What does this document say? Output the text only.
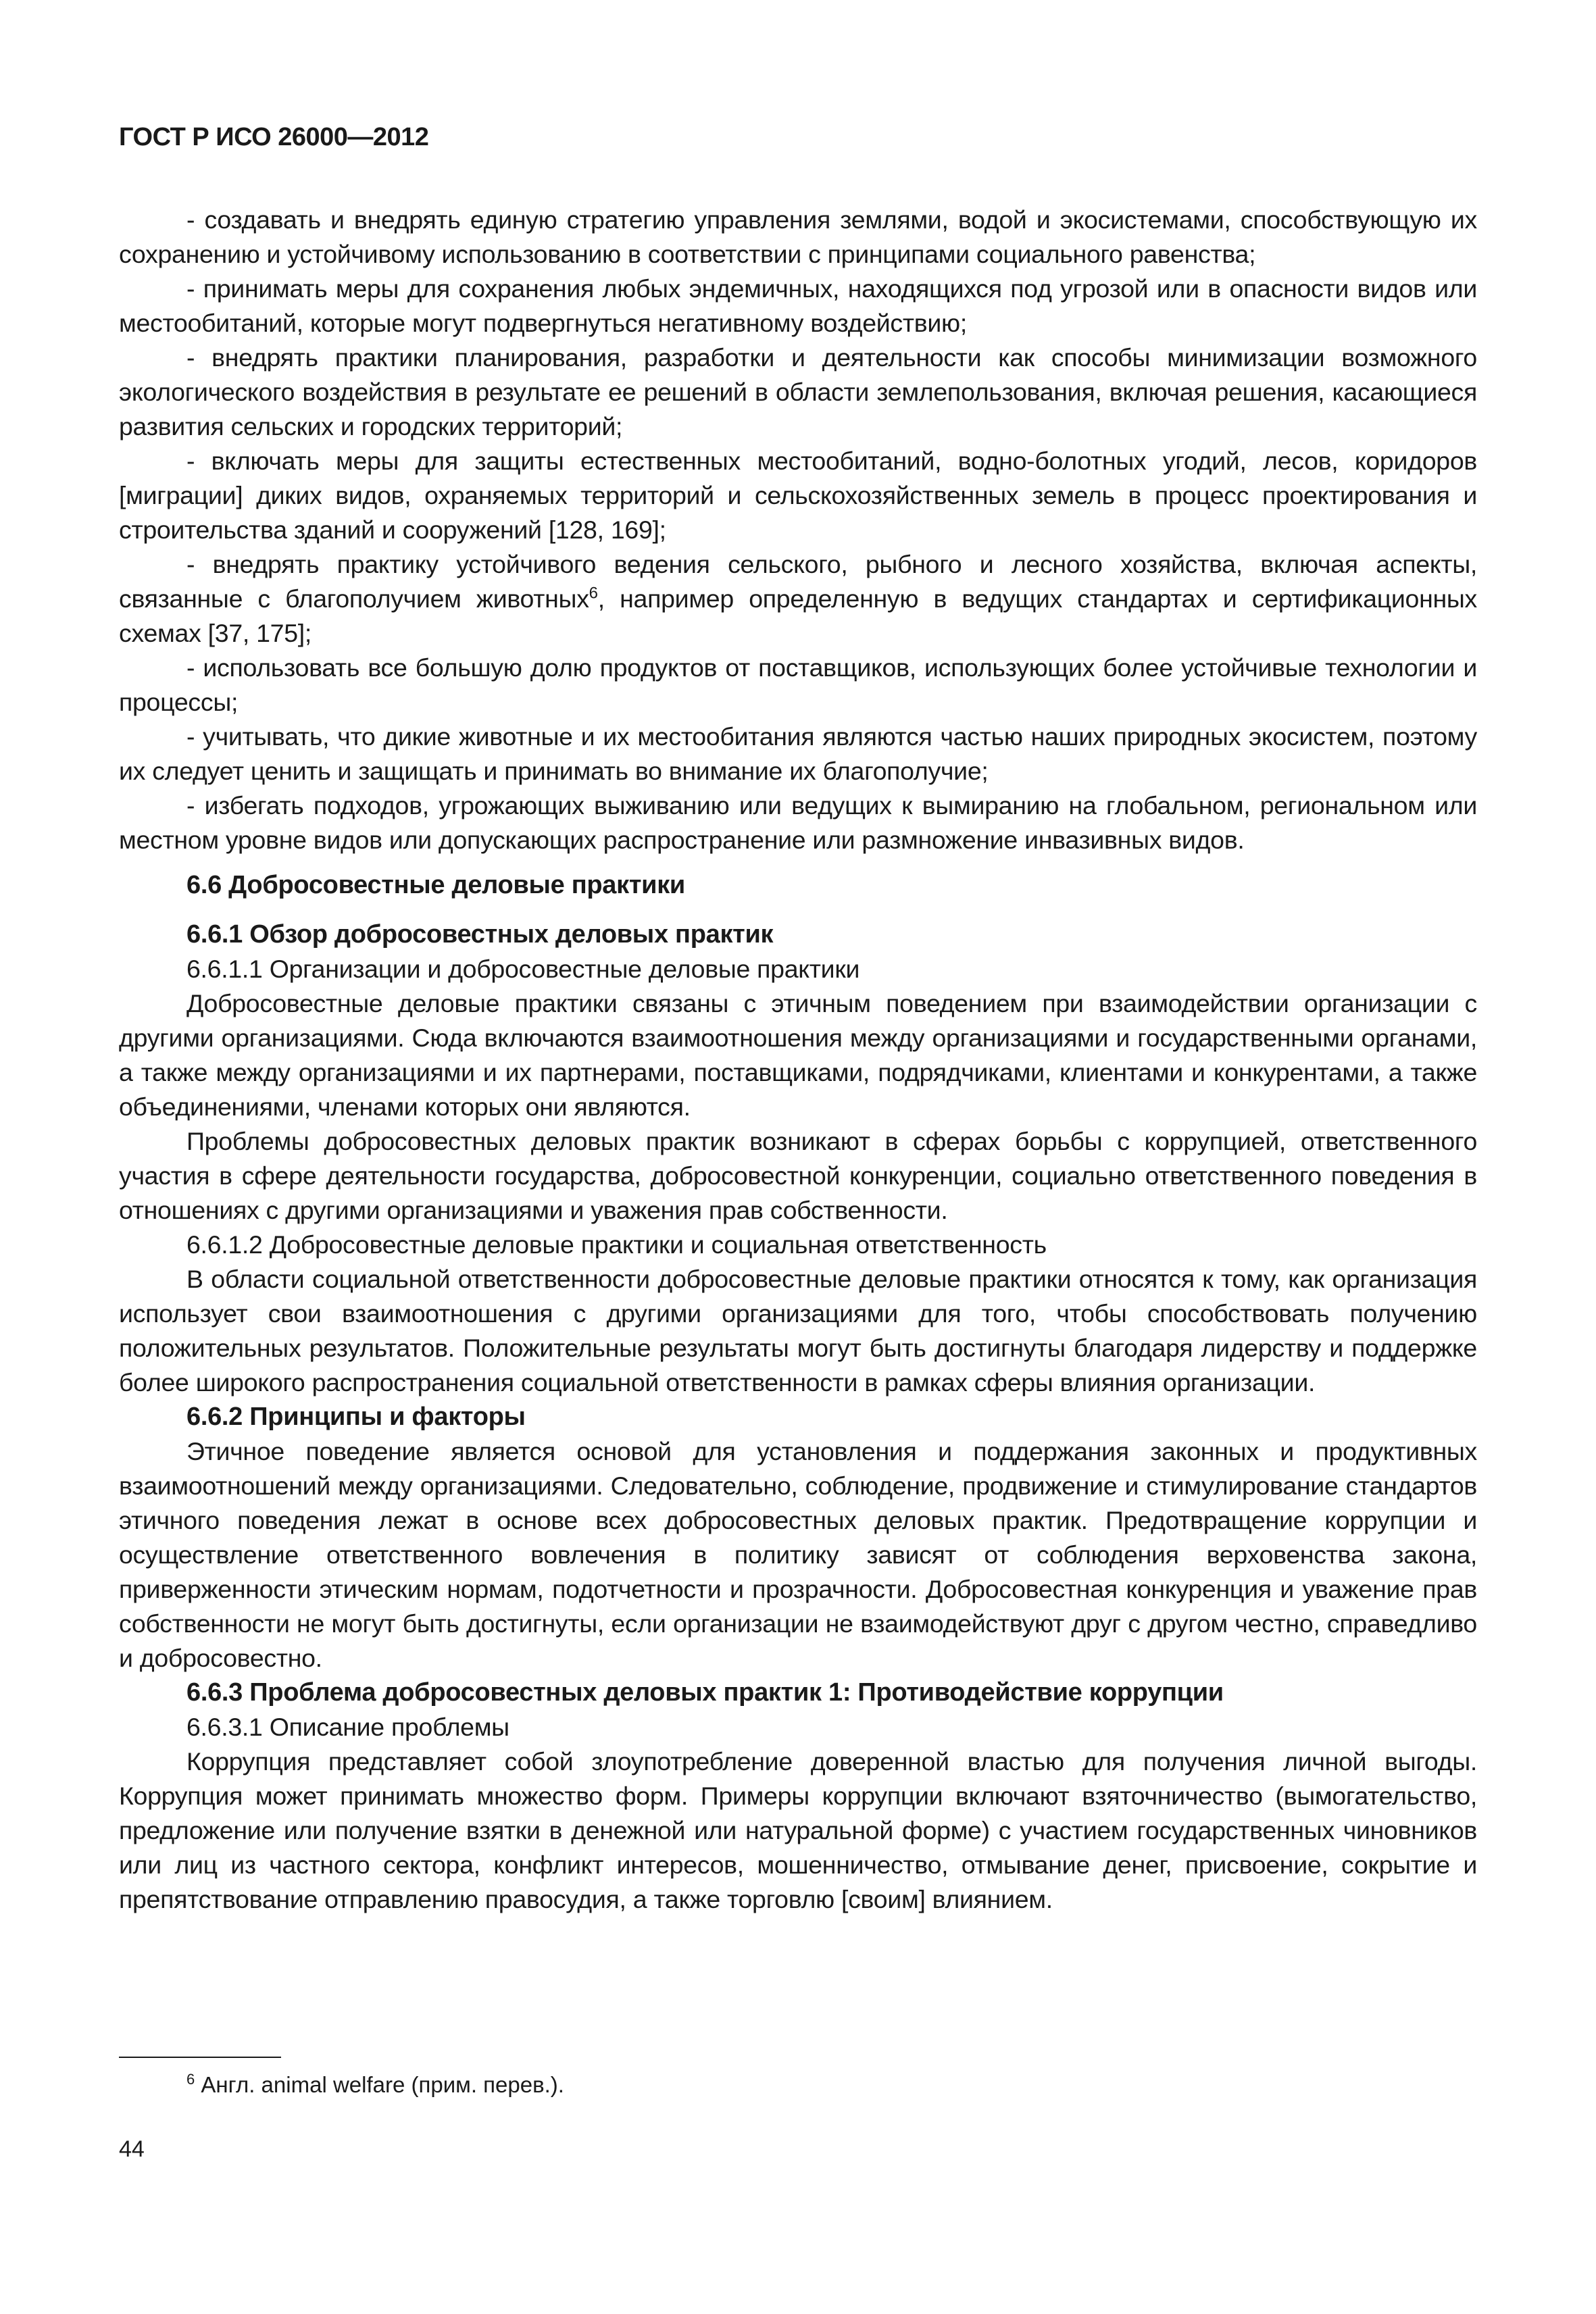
ГОСТ Р ИСО 26000—2012

- создавать и внедрять единую стратегию управления землями, водой и экосистемами, способствующую их сохранению и устойчивому использованию в соответствии с принципами социального равенства;

- принимать меры для сохранения любых эндемичных, находящихся под угрозой или в опасности видов или местообитаний, которые могут подвергнуться негативному воздействию;

- внедрять практики планирования, разработки и деятельности как способы минимизации возможного экологического воздействия в результате ее решений в области землепользования, включая решения, касающиеся развития сельских и городских территорий;

- включать меры для защиты естественных местообитаний, водно-болотных угодий, лесов, коридоров [миграции] диких видов, охраняемых территорий и сельскохозяйственных земель в процесс проектирования и строительства зданий и сооружений [128, 169];

- внедрять практику устойчивого ведения сельского, рыбного и лесного хозяйства, включая аспекты, связанные с благополучием животных$^6$, например определенную в ведущих стандартах и сертификационных схемах [37, 175];

- использовать все большую долю продуктов от поставщиков, использующих более устойчивые технологии и процессы;

- учитывать, что дикие животные и их местообитания являются частью наших природных экосистем, поэтому их следует ценить и защищать и принимать во внимание их благополучие;

- избегать подходов, угрожающих выживанию или ведущих к вымиранию на глобальном, региональном или местном уровне видов или допускающих распространение или размножение инвазивных видов.

6.6 Добросовестные деловые практики
6.6.1 Обзор добросовестных деловых практик

6.6.1.1 Организации и добросовестные деловые практики

Добросовестные деловые практики связаны с этичным поведением при взаимодействии организации с другими организациями. Сюда включаются взаимоотношения между организациями и государственными органами, а также между организациями и их партнерами, поставщиками, подрядчиками, клиентами и конкурентами, а также объединениями, членами которых они являются.

Проблемы добросовестных деловых практик возникают в сферах борьбы с коррупцией, ответственного участия в сфере деятельности государства, добросовестной конкуренции, социально ответственного поведения в отношениях с другими организациями и уважения прав собственности.

6.6.1.2 Добросовестные деловые практики и социальная ответственность

В области социальной ответственности добросовестные деловые практики относятся к тому, как организация использует свои взаимоотношения с другими организациями для того, чтобы способствовать получению положительных результатов. Положительные результаты могут быть достигнуты благодаря лидерству и поддержке более широкого распространения социальной ответственности в рамках сферы влияния организации.

6.6.2 Принципы и факторы

Этичное поведение является основой для установления и поддержания законных и продуктивных взаимоотношений между организациями. Следовательно, соблюдение, продвижение и стимулирование стандартов этичного поведения лежат в основе всех добросовестных деловых практик. Предотвращение коррупции и осуществление ответственного вовлечения в политику зависят от соблюдения верховенства закона, приверженности этическим нормам, подотчетности и прозрачности. Добросовестная конкуренция и уважение прав собственности не могут быть достигнуты, если организации не взаимодействуют друг с другом честно, справедливо и добросовестно.

6.6.3 Проблема добросовестных деловых практик 1: Противодействие коррупции

6.6.3.1 Описание проблемы

Коррупция представляет собой злоупотребление доверенной властью для получения личной выгоды. Коррупция может принимать множество форм. Примеры коррупции включают взяточничество (вымогательство, предложение или получение взятки в денежной или натуральной форме) с участием государственных чиновников или лиц из частного сектора, конфликт интересов, мошенничество, отмывание денег, присвоение, сокрытие и препятствование отправлению правосудия, а также торговлю [своим] влиянием.

$^6$ Англ. animal welfare (прим. перев.).
44
